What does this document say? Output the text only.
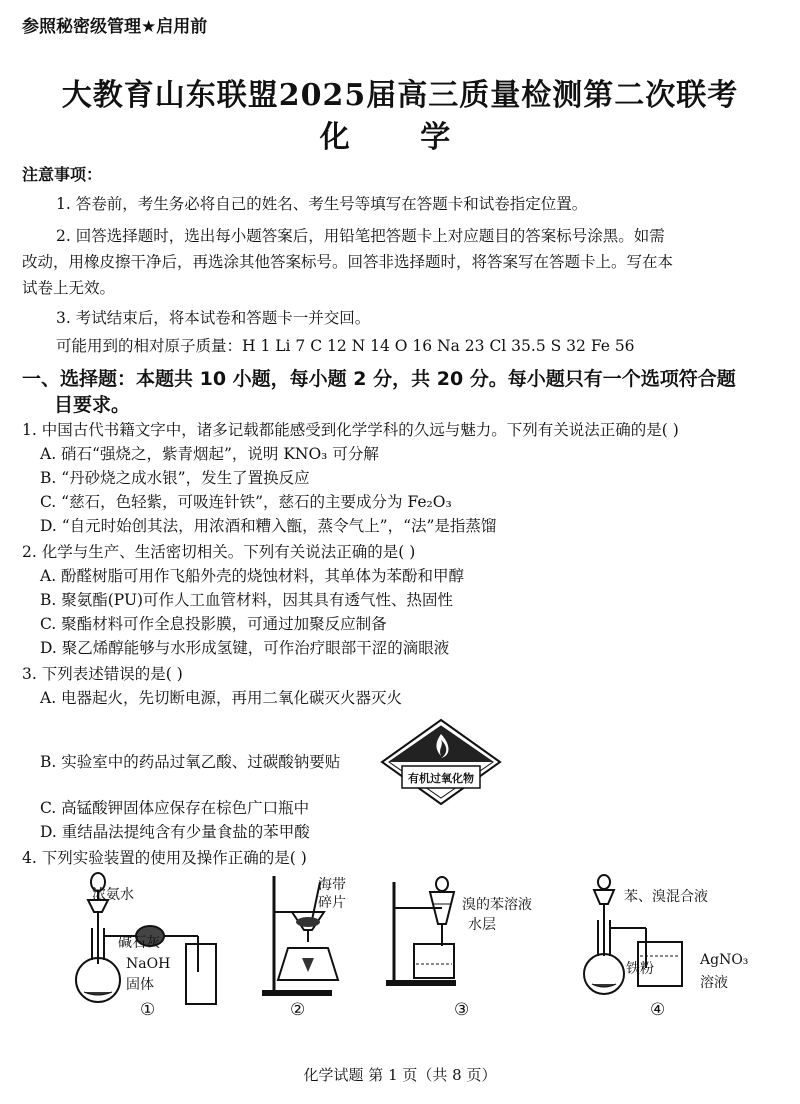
参照秘密级管理★启用前
大教育山东联盟2025届高三质量检测第二次联考
化 学
注意事项：
1. 答卷前，考生务必将自己的姓名、考生号等填写在答题卡和试卷指定位置。
2. 回答选择题时，选出每小题答案后，用铅笔把答题卡上对应题目的答案标号涂黑。如需
改动，用橡皮擦干净后，再选涂其他答案标号。回答非选择题时，将答案写在答题卡上。写在本
试卷上无效。
3. 考试结束后，将本试卷和答题卡一并交回。
可能用到的相对原子质量：H 1 Li 7 C 12 N 14 O 16 Na 23 Cl 35.5 S 32 Fe 56
一、选择题：本题共 10 小题，每小题 2 分，共 20 分。每小题只有一个选项符合题
目要求。
1. 中国古代书籍文字中，诸多记载都能感受到化学学科的久远与魅力。下列有关说法正确的是( )
A. 硝石“强烧之，紫青烟起”，说明 KNO₃ 可分解
B. “丹砂烧之成水银”，发生了置换反应
C. “慈石，色轻紫，可吸连针铁”，慈石的主要成分为 Fe₂O₃
D. “自元时始创其法，用浓酒和糟入甑，蒸令气上”，“法”是指蒸馏
2. 化学与生产、生活密切相关。下列有关说法正确的是( )
A. 酚醛树脂可用作飞船外壳的烧蚀材料，其单体为苯酚和甲醇
B. 聚氨酯(PU)可作人工血管材料，因其具有透气性、热固性
C. 聚酯材料可作全息投影膜，可通过加聚反应制备
D. 聚乙烯醇能够与水形成氢键，可作治疗眼部干涩的滴眼液
3. 下列表述错误的是( )
A. 电器起火，先切断电源，再用二氧化碳灭火器灭火
B. 实验室中的药品过氧乙酸、过碳酸钠要贴
有机过氧化物
C. 高锰酸钾固体应保存在棕色广口瓶中
D. 重结晶法提纯含有少量食盐的苯甲酸
4. 下列实验装置的使用及操作正确的是( )
浓氨水
碱石灰
NaOH
固体
①
海带
碎片
②
溴的苯溶液
水层
③
苯、溴混合液
铁粉
AgNO₃
溶液
④
化学试题 第 1 页（共 8 页）
